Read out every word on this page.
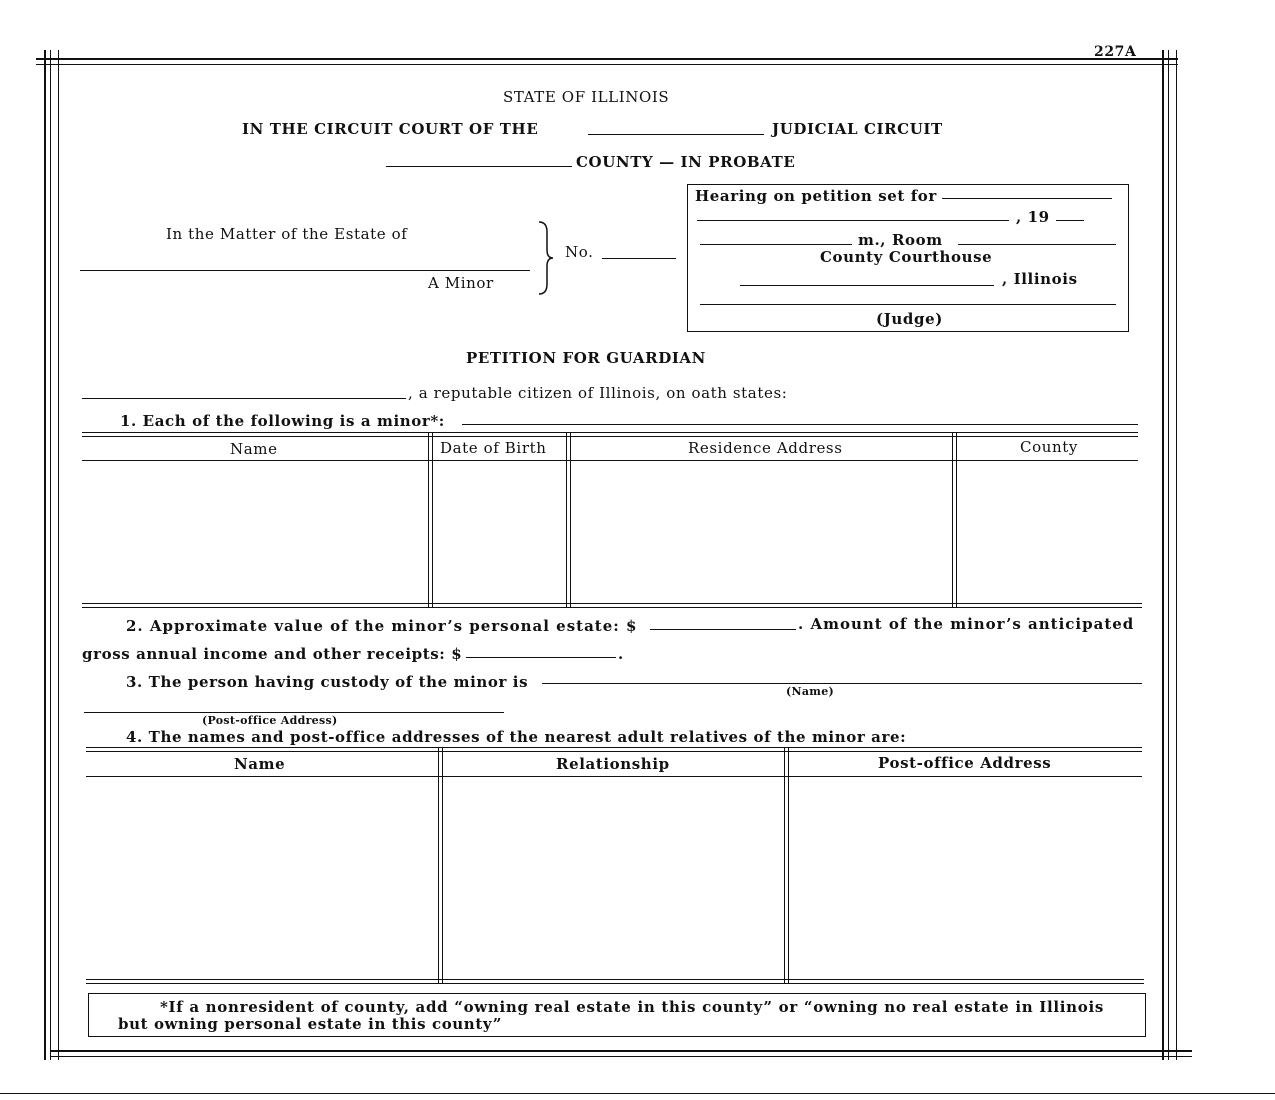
227A
STATE OF ILLINOIS
IN THE CIRCUIT COURT OF THE	JUDICIAL CIRCUIT
COUNTY — IN PROBATE
In the Matter of the Estate of
A Minor
No.
Hearing on petition set for
, 19
m., Room
County Courthouse
, Illinois
(Judge)
PETITION FOR GUARDIAN
, a reputable citizen of Illinois, on oath states:
1. Each of the following is a minor*:
Name	Date of Birth	Residence Address	County
2. Approximate value of the minor’s personal estate: $	. Amount of the minor’s anticipated
gross annual income and other receipts: $	.
3. The person having custody of the minor is
(Name)
(Post-office Address)
4. The names and post-office addresses of the nearest adult relatives of the minor are:
Name	Relationship	Post-office Address
*If a nonresident of county, add “owning real estate in this county” or “owning no real estate in Illinois
but owning personal estate in this county”
